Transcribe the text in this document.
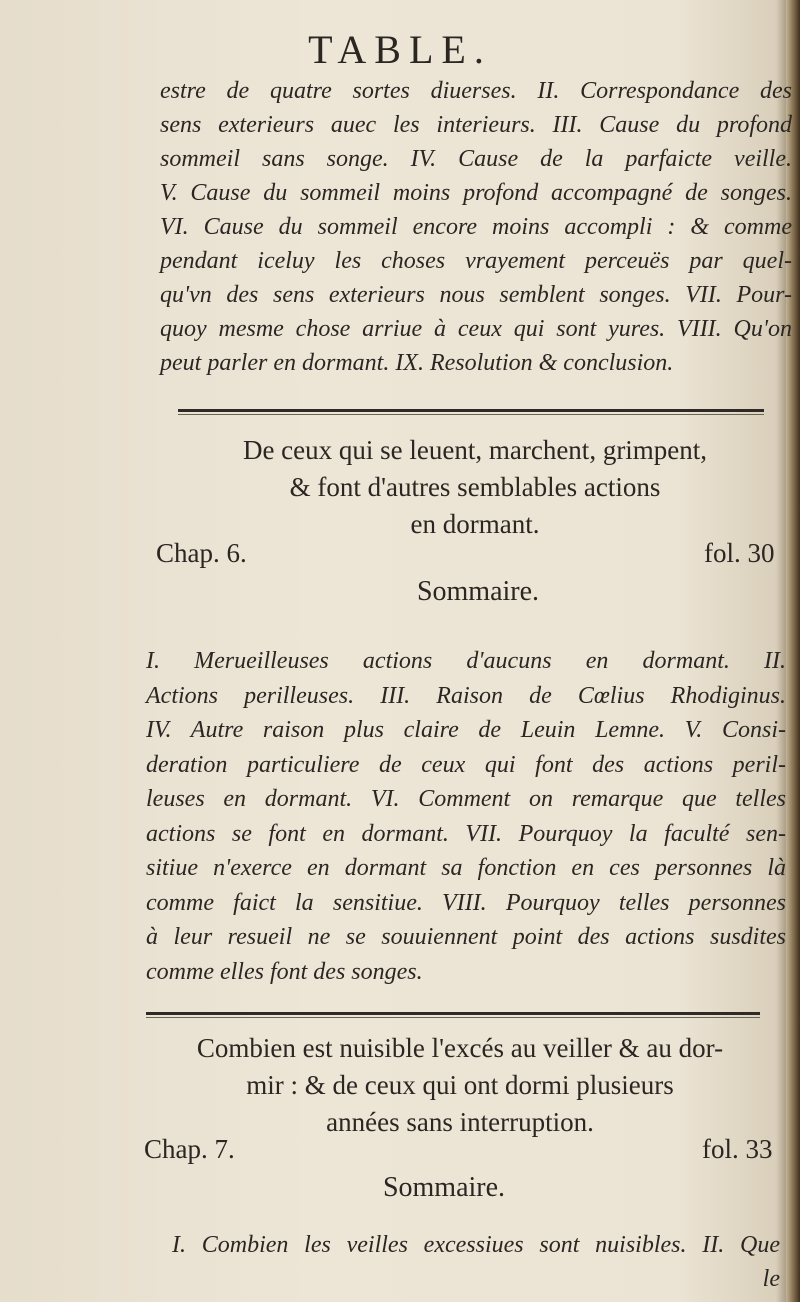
TABLE.
estre de quatre sortes diuerses. II. Correspondance des
sens exterieurs auec les interieurs. III. Cause du profond
sommeil sans songe. IV. Cause de la parfaicte veille.
V. Cause du sommeil moins profond accompagné de songes.
VI. Cause du sommeil encore moins accompli : & comme
pendant iceluy les choses vrayement perceuës par quel-
qu'vn des sens exterieurs nous semblent songes. VII. Pour-
quoy mesme chose arriue à ceux qui sont yures. VIII. Qu'on
peut parler en dormant. IX. Resolution & conclusion.
De ceux qui se leuent, marchent, grimpent,
& font d'autres semblables actions
en dormant.
Chap. 6.	fol. 30
Sommaire.
I. Merueilleuses actions d'aucuns en dormant. II.
Actions perilleuses. III. Raison de Cœlius Rhodiginus.
IV. Autre raison plus claire de Leuin Lemne. V. Consi-
deration particuliere de ceux qui font des actions peril-
leuses en dormant. VI. Comment on remarque que telles
actions se font en dormant. VII. Pourquoy la faculté sen-
sitiue n'exerce en dormant sa fonction en ces personnes là
comme faict la sensitiue. VIII. Pourquoy telles personnes
à leur resueil ne se souuiennent point des actions susdites
comme elles font des songes.
Combien est nuisible l'excés au veiller & au dor-
mir : & de ceux qui ont dormi plusieurs
années sans interruption.
Chap. 7.	fol. 33
Sommaire.
I. Combien les veilles excessiues sont nuisibles. II. Que
le
